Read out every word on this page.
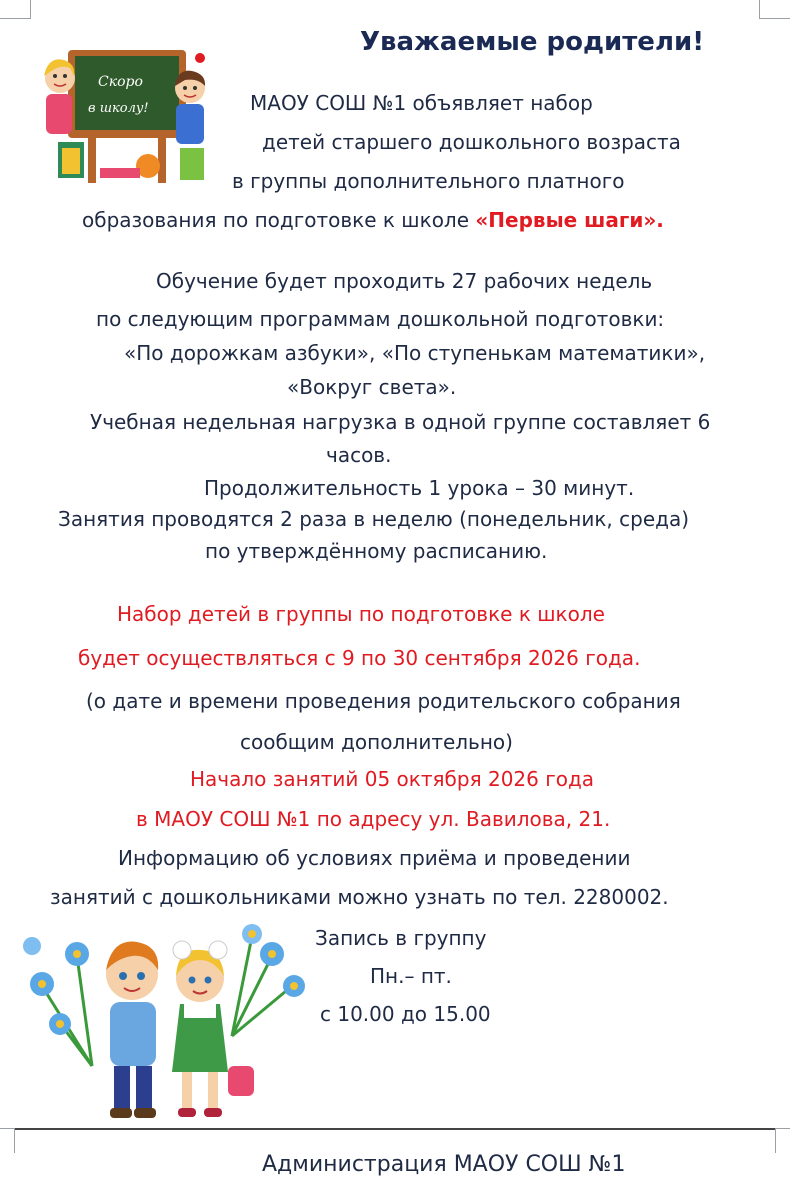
Скоро
в школу!
Уважаемые родители!
МАОУ СОШ №1 объявляет набор
детей старшего дошкольного возраста
в группы дополнительного платного
образования по подготовке к школе «Первые шаги».
Обучение будет проходить 27 рабочих недель
по следующим программам дошкольной подготовки:
«По дорожкам азбуки», «По ступенькам математики»,
«Вокруг света».
Учебная недельная нагрузка в одной группе составляет 6
часов.
Продолжительность 1 урока – 30 минут.
Занятия проводятся 2 раза в неделю (понедельник, среда)
по утверждённому расписанию.
Набор детей в группы по подготовке к школе
будет осуществляться с 9 по 30 сентября 2026 года.
(о дате и времени проведения родительского собрания
сообщим дополнительно)
Начало занятий 05 октября 2026 года
в МАОУ СОШ №1 по адресу ул. Вавилова, 21.
Информацию об условиях приёма и проведении
занятий с дошкольниками можно узнать по тел. 2280002.
Запись в группу
Пн.– пт.
с 10.00 до 15.00
Администрация МАОУ СОШ №1
